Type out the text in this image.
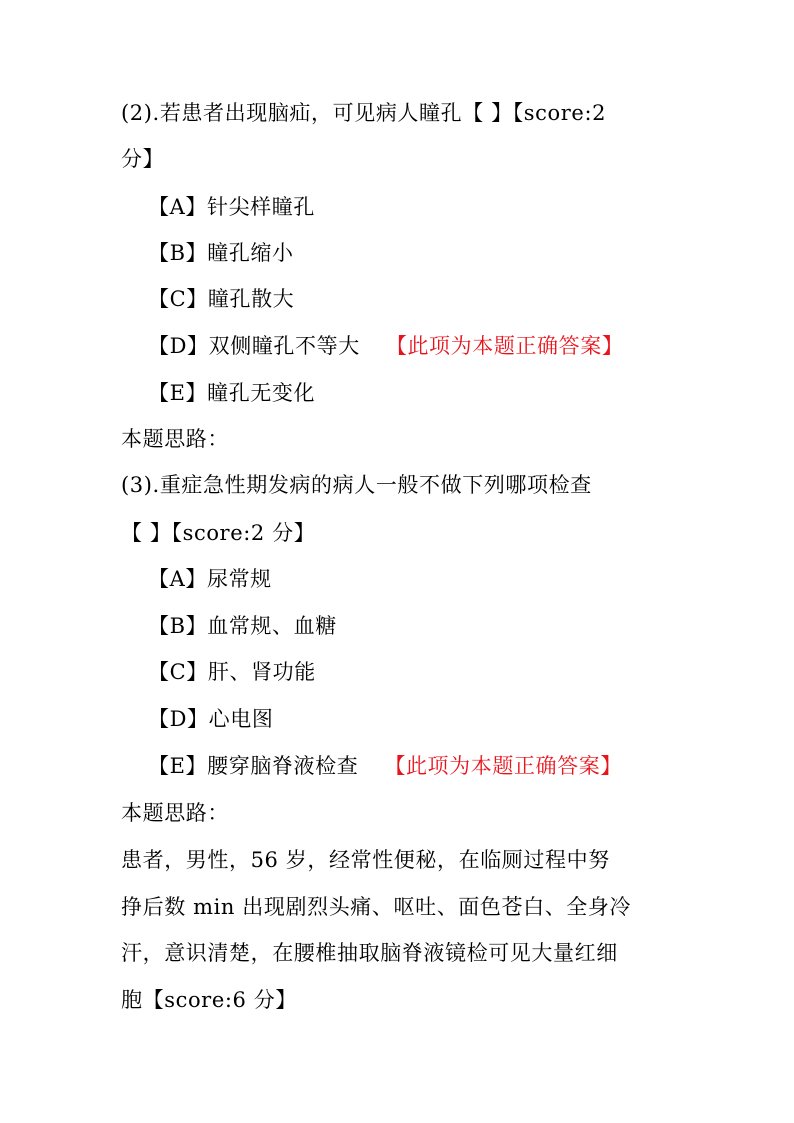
(2).若患者出现脑疝，可见病人瞳孔【 】【score:2
分】
【A】针尖样瞳孔
【B】瞳孔缩小
【C】瞳孔散大
【D】双侧瞳孔不等大 【此项为本题正确答案】
【E】瞳孔无变化
本题思路：
(3).重症急性期发病的病人一般不做下列哪项检查
【 】【score:2 分】
【A】尿常规
【B】血常规、血糖
【C】肝、肾功能
【D】心电图
【E】腰穿脑脊液检查 【此项为本题正确答案】
本题思路：
患者，男性，56 岁，经常性便秘，在临厕过程中努
挣后数 min 出现剧烈头痛、呕吐、面色苍白、全身冷
汗，意识清楚，在腰椎抽取脑脊液镜检可见大量红细
胞【score:6 分】
